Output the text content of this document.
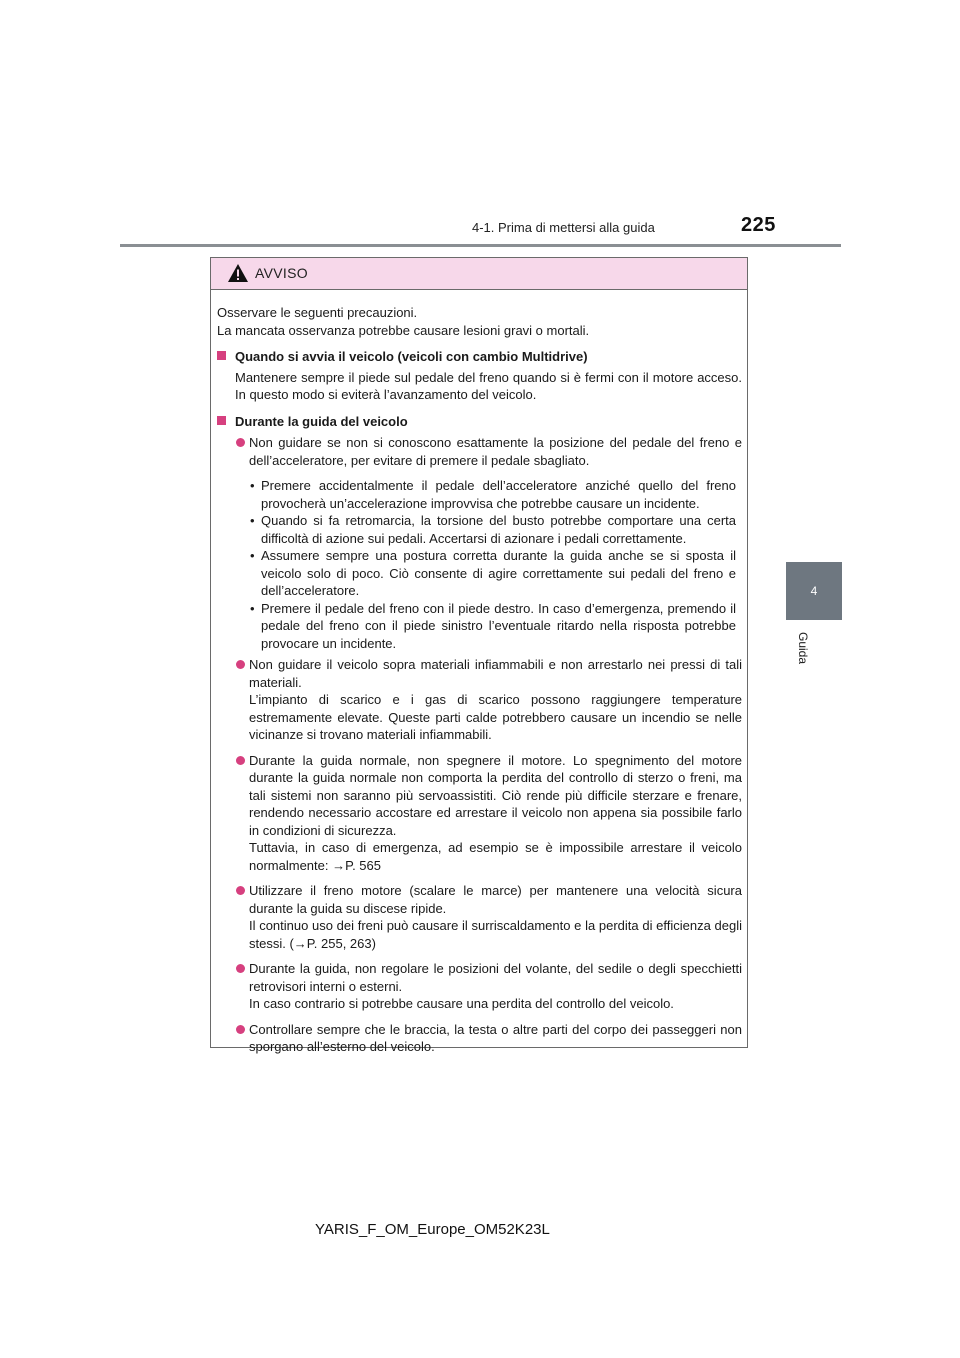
4-1. Prima di mettersi alla guida	225
4
Guida
AVVISO

Osservare le seguenti precauzioni.

La mancata osservanza potrebbe causare lesioni gravi o mortali.

Quando si avvia il veicolo (veicoli con cambio Multidrive)

Mantenere sempre il piede sul pedale del freno quando si è fermi con il motore acceso. In questo modo si eviterà l’avanzamento del veicolo.

Durante la guida del veicolo

Non guidare se non si conoscono esattamente la posizione del pedale del freno e dell’acceleratore, per evitare di premere il pedale sbagliato.

• Premere accidentalmente il pedale dell’acceleratore anziché quello del freno provocherà un’accelerazione improvvisa che potrebbe causare un incidente.
• Quando si fa retromarcia, la torsione del busto potrebbe comportare una certa difficoltà di azione sui pedali. Accertarsi di azionare i pedali correttamente.
• Assumere sempre una postura corretta durante la guida anche se si sposta il veicolo solo di poco. Ciò consente di agire correttamente sui pedali del freno e dell’acceleratore.
• Premere il pedale del freno con il piede destro. In caso d’emergenza, premendo il pedale del freno con il piede sinistro l’eventuale ritardo nella risposta potrebbe provocare un incidente.

Non guidare il veicolo sopra materiali infiammabili e non arrestarlo nei pressi di tali materiali.

L’impianto di scarico e i gas di scarico possono raggiungere temperature estremamente elevate. Queste parti calde potrebbero causare un incendio se nelle vicinanze si trovano materiali infiammabili.

Durante la guida normale, non spegnere il motore. Lo spegnimento del motore durante la guida normale non comporta la perdita del controllo di sterzo o freni, ma tali sistemi non saranno più servoassistiti. Ciò rende più difficile sterzare e frenare, rendendo necessario accostare ed arrestare il veicolo non appena sia possibile farlo in condizioni di sicurezza.

Tuttavia, in caso di emergenza, ad esempio se è impossibile arrestare il veicolo normalmente: →P. 565

Utilizzare il freno motore (scalare le marce) per mantenere una velocità sicura durante la guida su discese ripide.

Il continuo uso dei freni può causare il surriscaldamento e la perdita di efficienza degli stessi. (→P. 255, 263)

Durante la guida, non regolare le posizioni del volante, del sedile o degli specchietti retrovisori interni o esterni.

In caso contrario si potrebbe causare una perdita del controllo del veicolo.

Controllare sempre che le braccia, la testa o altre parti del corpo dei passeggeri non sporgano all’esterno del veicolo.

YARIS_F_OM_Europe_OM52K23L
